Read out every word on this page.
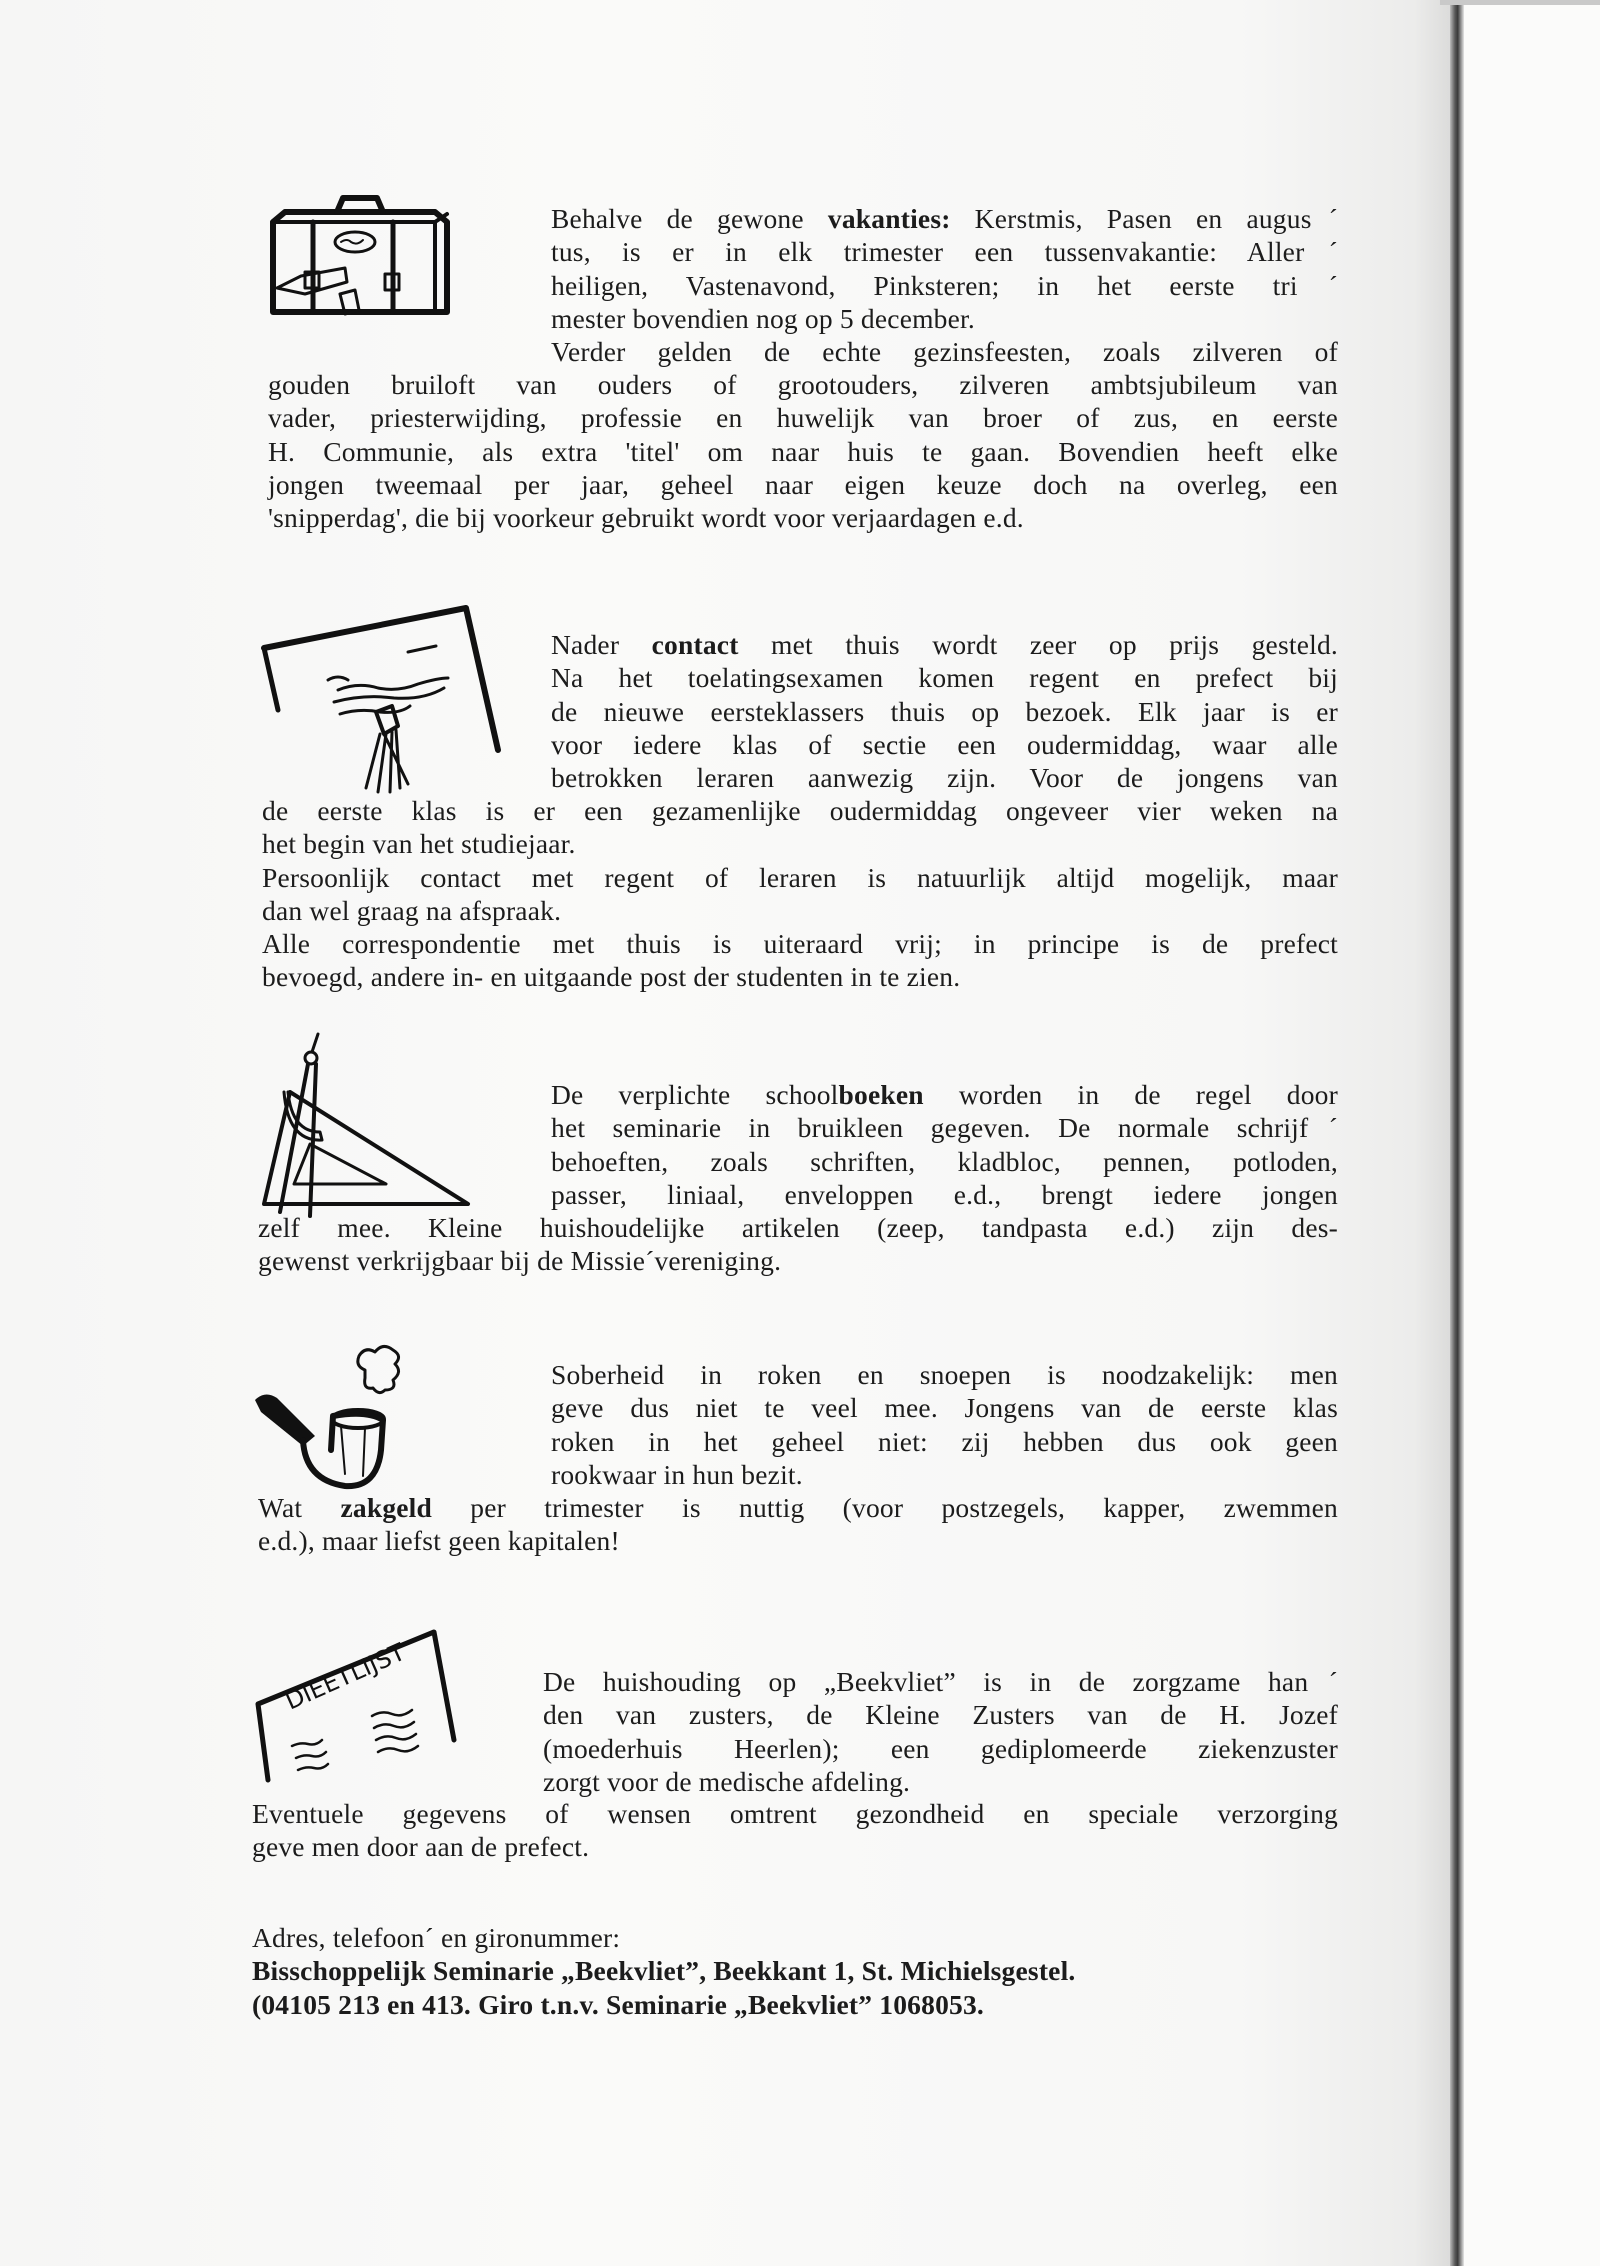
Behalve de gewone vakanties: Kerstmis, Pasen en augusˊ
tus, is er in elk trimester een tussenvakantie: Allerˊ
heiligen, Vastenavond, Pinksteren; in het eerste triˊ
mester bovendien nog op 5 december.
Verder gelden de echte gezinsfeesten, zoals zilveren of
gouden bruiloft van ouders of grootouders, zilveren ambtsjubileum van
vader, priesterwijding, professie en huwelijk van broer of zus, en eerste
H. Communie, als extra 'titel' om naar huis te gaan. Bovendien heeft elke
jongen tweemaal per jaar, geheel naar eigen keuze doch na overleg, een
'snipperdag', die bij voorkeur gebruikt wordt voor verjaardagen e.d.
Nader contact met thuis wordt zeer op prijs gesteld.
Na het toelatingsexamen komen regent en prefect bij
de nieuwe eersteklassers thuis op bezoek. Elk jaar is er
voor iedere klas of sectie een oudermiddag, waar alle
betrokken leraren aanwezig zijn. Voor de jongens van
de eerste klas is er een gezamenlijke oudermiddag ongeveer vier weken na
het begin van het studiejaar.
Persoonlijk contact met regent of leraren is natuurlijk altijd mogelijk, maar
dan wel graag na afspraak.
Alle correspondentie met thuis is uiteraard vrij; in principe is de prefect
bevoegd, andere in- en uitgaande post der studenten in te zien.
De verplichte schoolboeken worden in de regel door
het seminarie in bruikleen gegeven. De normale schrijfˊ
behoeften, zoals schriften, kladbloc, pennen, potloden,
passer, liniaal, enveloppen e.d., brengt iedere jongen
zelf mee. Kleine huishoudelijke artikelen (zeep, tandpasta e.d.) zijn des-
gewenst verkrijgbaar bij de Missieˊvereniging.
Soberheid in roken en snoepen is noodzakelijk: men
geve dus niet te veel mee. Jongens van de eerste klas
roken in het geheel niet: zij hebben dus ook geen
rookwaar in hun bezit.
Wat zakgeld per trimester is nuttig (voor postzegels, kapper, zwemmen
e.d.), maar liefst geen kapitalen!
DIEETLIJST	De huishouding op „Beekvliet” is in de zorgzame hanˊ
den van zusters, de Kleine Zusters van de H. Jozef
(moederhuis Heerlen); een gediplomeerde ziekenzuster
zorgt voor de medische afdeling.
Eventuele gegevens of wensen omtrent gezondheid en speciale verzorging
geve men door aan de prefect.
Adres, telefoonˊ en gironummer:
Bisschoppelijk Seminarie „Beekvliet”, Beekkant 1, St. Michielsgestel.
(04105 213 en 413. Giro t.n.v. Seminarie „Beekvliet” 1068053.
